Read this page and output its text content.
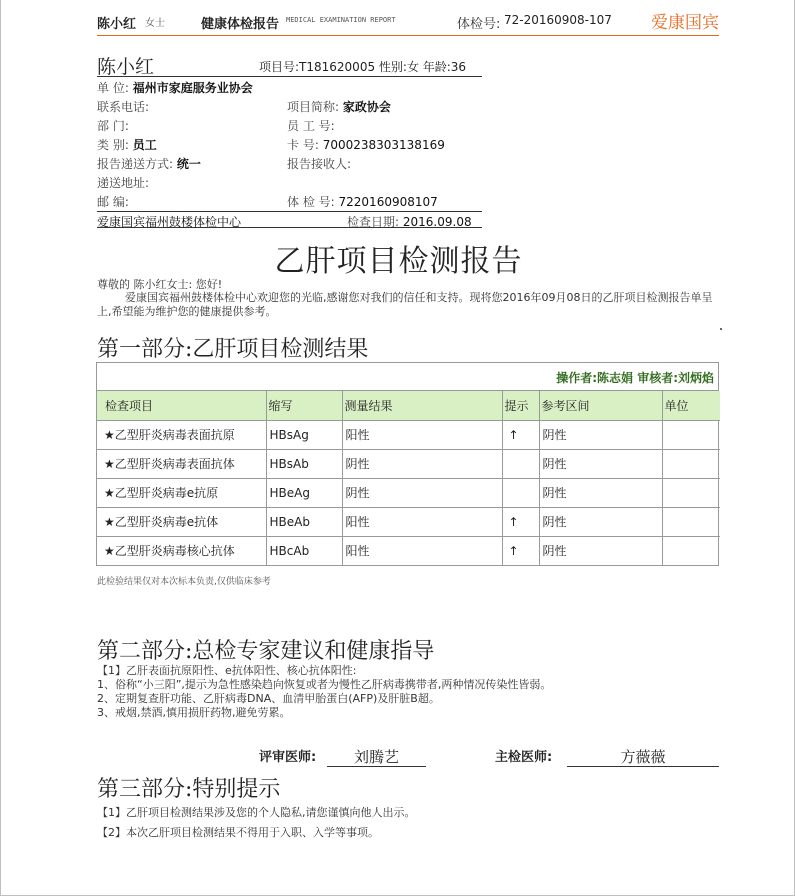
陈小红 女士	健康体检报告 MEDICAL EXAMINATION REPORT	体检号: 72-20160908-107 爱康国宾
陈小红	项目号:T181620005 性别:女 年龄:36
单 位: 福州市家庭服务业协会
联系电话:	项目简称: 家政协会
部 门:	员 工 号:
类 别: 员工	卡 号: 7000238303138169
报告递送方式: 统一	报告接收人:
递送地址:
邮 编:	体 检 号: 7220160908107
爱康国宾福州鼓楼体检中心	检查日期: 2016.09.08
乙肝项目检测报告
尊敬的 陈小红女士: 您好!
爱康国宾福州鼓楼体检中心欢迎您的光临,感谢您对我们的信任和支持。现将您2016年09月08日的乙肝项目检测报告单呈上,希望能为维护您的健康提供参考。
第一部分:乙肝项目检测结果
操作者:陈志娟 审核者:刘炳焰
检查项目	缩写	测量结果	提示	参考区间	单位
★乙型肝炎病毒表面抗原	HBsAg	阳性	↑	阴性	
★乙型肝炎病毒表面抗体	HBsAb	阴性		阴性	
★乙型肝炎病毒e抗原	HBeAg	阴性		阴性	
★乙型肝炎病毒e抗体	HBeAb	阳性	↑	阴性	
★乙型肝炎病毒核心抗体	HBcAb	阳性	↑	阴性	
此检验结果仅对本次标本负责,仅供临床参考
第二部分:总检专家建议和健康指导
【1】乙肝表面抗原阳性、e抗体阳性、核心抗体阳性:
1、俗称“小三阳”,提示为急性感染趋向恢复或者为慢性乙肝病毒携带者,两种情况传染性皆弱。
2、定期复查肝功能、乙肝病毒DNA、血清甲胎蛋白(AFP)及肝脏B超。
3、戒烟,禁酒,慎用损肝药物,避免劳累。
评审医师:	刘腾艺	主检医师:	方薇薇
第三部分:特别提示
【1】乙肝项目检测结果涉及您的个人隐私,请您谨慎向他人出示。
【2】本次乙肝项目检测结果不得用于入职、入学等事项。
